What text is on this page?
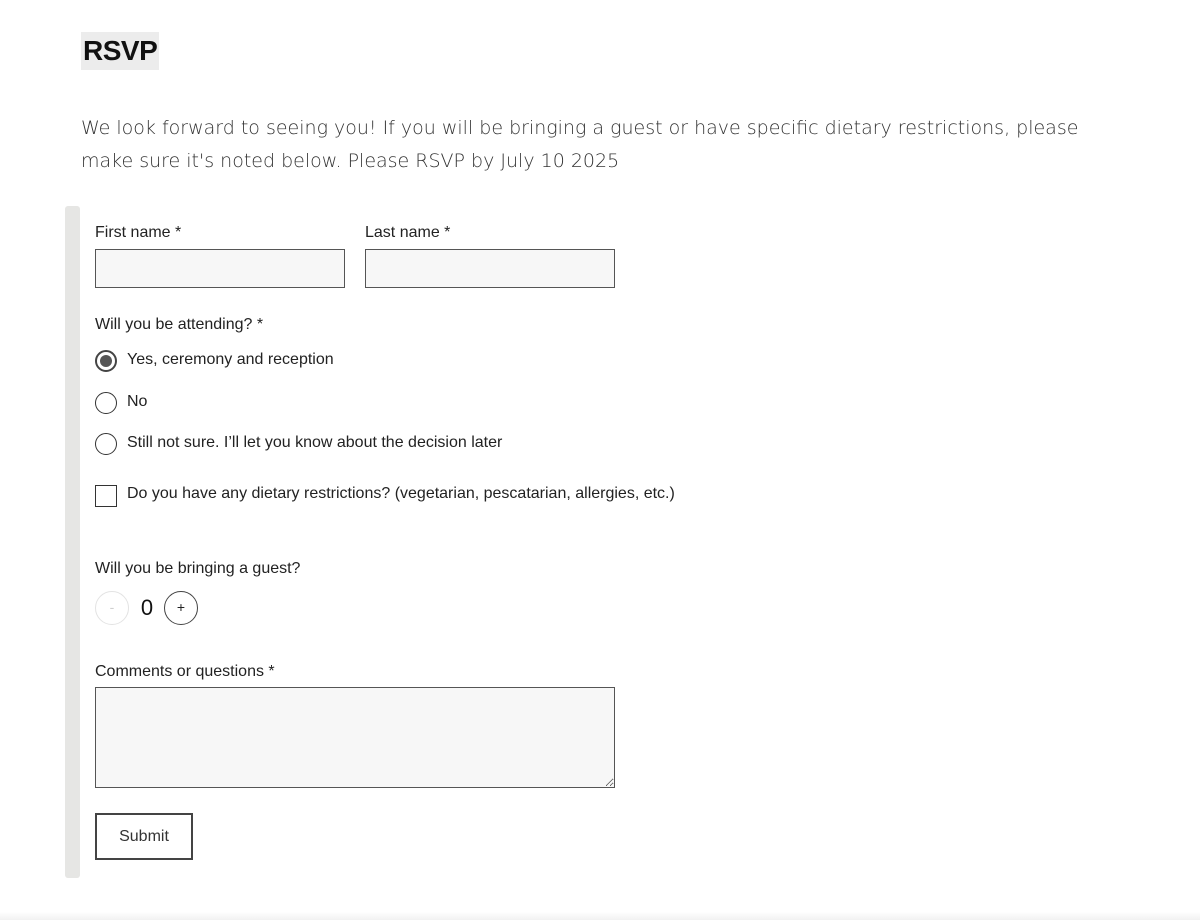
RSVP

We look forward to seeing you! If you will be bringing a guest or have specific dietary restrictions, please make sure it's noted below. Please RSVP by July 10 2025

First name *	Last name *
Will you be attending? *
Yes, ceremony and reception
No
Still not sure. I’ll let you know about the decision later
Do you have any dietary restrictions? (vegetarian, pescatarian, allergies, etc.)
Will you be bringing a guest?
-	0	+
Comments or questions *
Submit
